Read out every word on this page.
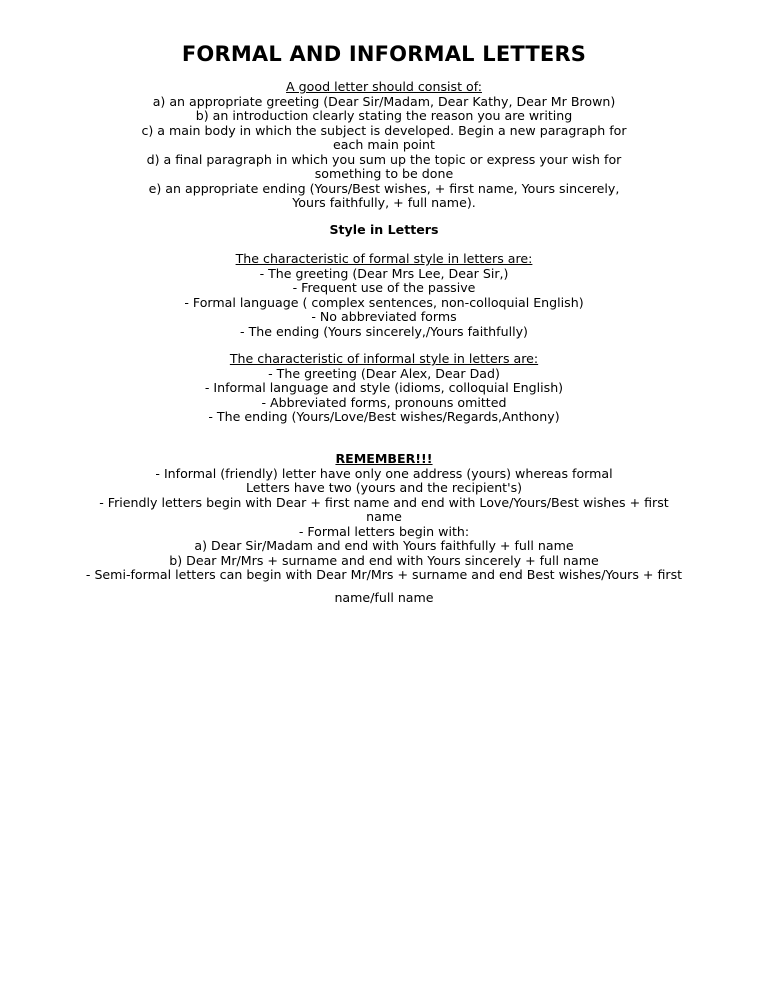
FORMAL AND INFORMAL LETTERS
A good letter should consist of:
a) an appropriate greeting (Dear Sir/Madam, Dear Kathy, Dear Mr Brown)
b) an introduction clearly stating the reason you are writing
c) a main body in which the subject is developed. Begin a new paragraph for
each main point
d) a final paragraph in which you sum up the topic or express your wish for
something to be done
e) an appropriate ending (Yours/Best wishes, + first name, Yours sincerely,
Yours faithfully, + full name).
Style in Letters
The characteristic of formal style in letters are:
- The greeting (Dear Mrs Lee, Dear Sir,)
- Frequent use of the passive
- Formal language ( complex sentences, non-colloquial English)
- No abbreviated forms
- The ending (Yours sincerely,/Yours faithfully)
The characteristic of informal style in letters are:
- The greeting (Dear Alex, Dear Dad)
- Informal language and style (idioms, colloquial English)
- Abbreviated forms, pronouns omitted
- The ending (Yours/Love/Best wishes/Regards,Anthony)
REMEMBER!!!
- Informal (friendly) letter have only one address (yours) whereas formal
Letters have two (yours and the recipient's)
- Friendly letters begin with Dear + first name and end with Love/Yours/Best wishes + first
name
- Formal letters begin with:
a) Dear Sir/Madam and end with Yours faithfully + full name
b) Dear Mr/Mrs + surname and end with Yours sincerely + full name
- Semi-formal letters can begin with Dear Mr/Mrs + surname and end Best wishes/Yours + first
name/full name
